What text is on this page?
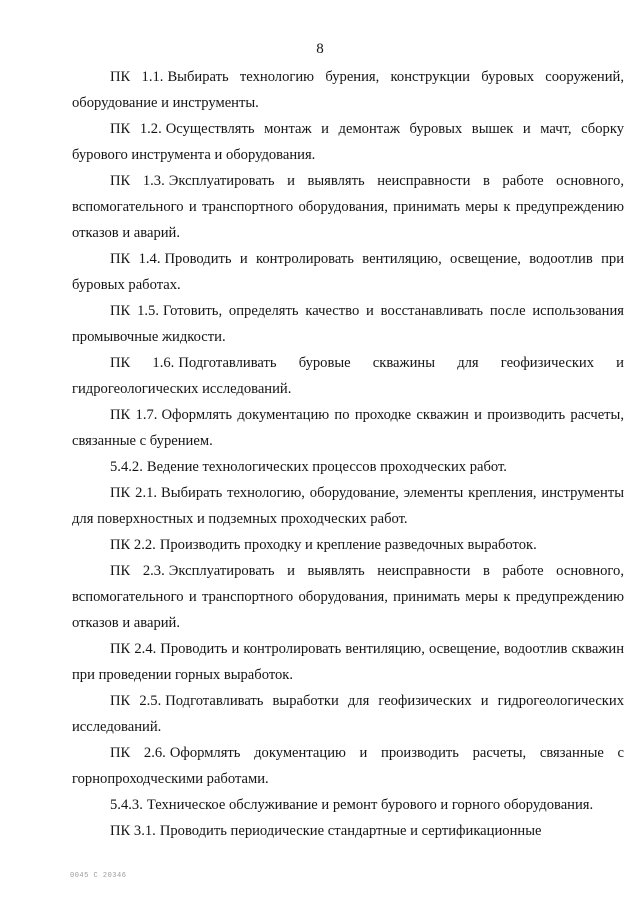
8

ПК 1.1. Выбирать технологию бурения, конструкции буровых сооружений, оборудование и инструменты.

ПК 1.2. Осуществлять монтаж и демонтаж буровых вышек и мачт, сборку бурового инструмента и оборудования.

ПК 1.3. Эксплуатировать и выявлять неисправности в работе основного, вспомогательного и транспортного оборудования, принимать меры к предупреждению отказов и аварий.

ПК 1.4. Проводить и контролировать вентиляцию, освещение, водоотлив при буровых работах.

ПК 1.5. Готовить, определять качество и восстанавливать после использования промывочные жидкости.

ПК 1.6. Подготавливать буровые скважины для геофизических и гидрогеологических исследований.

ПК 1.7. Оформлять документацию по проходке скважин и производить расчеты, связанные с бурением.

5.4.2. Ведение технологических процессов проходческих работ.

ПК 2.1. Выбирать технологию, оборудование, элементы крепления, инструменты для поверхностных и подземных проходческих работ.

ПК 2.2. Производить проходку и крепление разведочных выработок.

ПК 2.3. Эксплуатировать и выявлять неисправности в работе основного, вспомогательного и транспортного оборудования, принимать меры к предупреждению отказов и аварий.

ПК 2.4. Проводить и контролировать вентиляцию, освещение, водоотлив скважин при проведении горных выработок.

ПК 2.5. Подготавливать выработки для геофизических и гидрогеологических исследований.

ПК 2.6. Оформлять документацию и производить расчеты, связанные с горнопроходческими работами.

5.4.3. Техническое обслуживание и ремонт бурового и горного оборудования.

ПК 3.1. Проводить периодические стандартные и сертификационные

0045 C 20346
